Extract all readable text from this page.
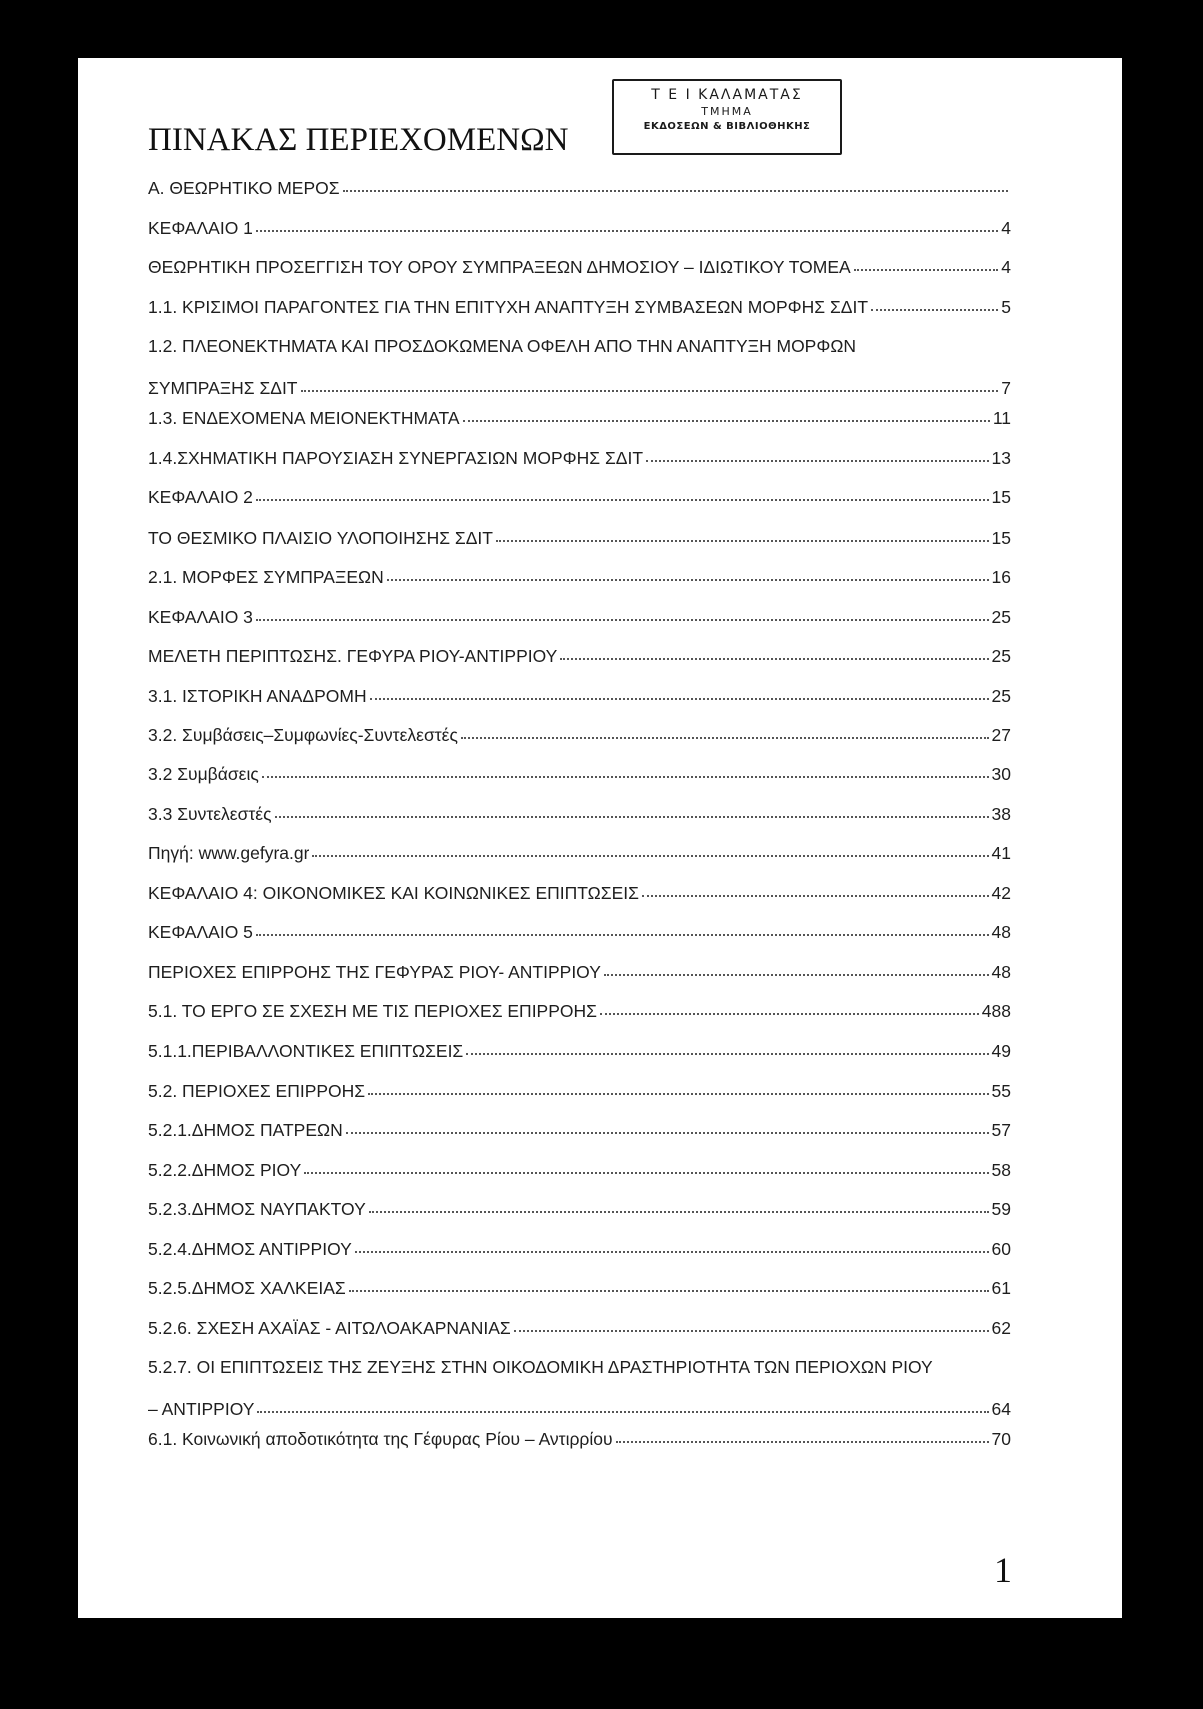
ΠΙΝΑΚΑΣ ΠΕΡΙΕΧΟΜΕΝΩΝ
Τ Ε Ι ΚΑΛΑΜΑΤΑΣ
ΤΜΗΜΑ
ΕΚΔΟΣΕΩΝ & ΒΙΒΛΙΟΘΗΚΗΣ
Α. ΘΕΩΡΗΤΙΚΟ ΜΕΡΟΣ
ΚΕΦΑΛΑΙΟ 1	4
ΘΕΩΡΗΤΙΚΗ ΠΡΟΣΕΓΓΙΣΗ ΤΟΥ ΟΡΟΥ ΣΥΜΠΡΑΞΕΩΝ ΔΗΜΟΣΙΟΥ – ΙΔΙΩΤΙΚΟΥ ΤΟΜΕΑ	4
1.1. ΚΡΙΣΙΜΟΙ ΠΑΡΑΓΟΝΤΕΣ ΓΙΑ ΤΗΝ ΕΠΙΤΥΧΗ ΑΝΑΠΤΥΞΗ ΣΥΜΒΑΣΕΩΝ ΜΟΡΦΗΣ ΣΔΙΤ	5
1.2. ΠΛΕΟΝΕΚΤΗΜΑΤΑ ΚΑΙ ΠΡΟΣΔΟΚΩΜΕΝΑ ΟΦΕΛΗ ΑΠΟ ΤΗΝ ΑΝΑΠΤΥΞΗ ΜΟΡΦΩΝ
ΣΥΜΠΡΑΞΗΣ ΣΔΙΤ	7
1.3. ΕΝΔΕΧΟΜΕΝΑ ΜΕΙΟΝΕΚΤΗΜΑΤΑ	11
1.4.ΣΧΗΜΑΤΙΚΗ ΠΑΡΟΥΣΙΑΣΗ ΣΥΝΕΡΓΑΣΙΩΝ ΜΟΡΦΗΣ ΣΔΙΤ	13
ΚΕΦΑΛΑΙΟ 2	15
ΤΟ ΘΕΣΜΙΚΟ ΠΛΑΙΣΙΟ ΥΛΟΠΟΙΗΣΗΣ ΣΔΙΤ	15
2.1. ΜΟΡΦΕΣ ΣΥΜΠΡΑΞΕΩΝ	16
ΚΕΦΑΛΑΙΟ 3	25
ΜΕΛΕΤΗ ΠΕΡΙΠΤΩΣΗΣ. ΓΕΦΥΡΑ ΡΙΟΥ-ΑΝΤΙΡΡΙΟΥ	25
3.1. ΙΣΤΟΡΙΚΗ ΑΝΑΔΡΟΜΗ	25
3.2. Συμβάσεις–Συμφωνίες-Συντελεστές	27
3.2 Συμβάσεις	30
3.3 Συντελεστές	38
Πηγή: www.gefyra.gr	41
ΚΕΦΑΛΑΙΟ 4: ΟΙΚΟΝΟΜΙΚΕΣ ΚΑΙ ΚΟΙΝΩΝΙΚΕΣ ΕΠΙΠΤΩΣΕΙΣ	42
ΚΕΦΑΛΑΙΟ 5	48
ΠΕΡΙΟΧΕΣ ΕΠΙΡΡΟΗΣ ΤΗΣ ΓΕΦΥΡΑΣ ΡΙΟΥ- ΑΝΤΙΡΡΙΟΥ	48
5.1. ΤΟ ΕΡΓΟ ΣΕ ΣΧΕΣΗ ΜΕ ΤΙΣ ΠΕΡΙΟΧΕΣ ΕΠΙΡΡΟΗΣ	488
5.1.1.ΠΕΡΙΒΑΛΛΟΝΤΙΚΕΣ ΕΠΙΠΤΩΣΕΙΣ	49
5.2. ΠΕΡΙΟΧΕΣ ΕΠΙΡΡΟΗΣ	55
5.2.1.ΔΗΜΟΣ ΠΑΤΡΕΩΝ	57
5.2.2.ΔΗΜΟΣ ΡΙΟΥ	58
5.2.3.ΔΗΜΟΣ ΝΑΥΠΑΚΤΟΥ	59
5.2.4.ΔΗΜΟΣ ΑΝΤΙΡΡΙΟΥ	60
5.2.5.ΔΗΜΟΣ ΧΑΛΚΕΙΑΣ	61
5.2.6. ΣΧΕΣΗ ΑΧΑΪΑΣ - ΑΙΤΩΛΟΑΚΑΡΝΑΝΙΑΣ	62
5.2.7. ΟΙ ΕΠΙΠΤΩΣΕΙΣ ΤΗΣ ΖΕΥΞΗΣ ΣΤΗΝ ΟΙΚΟΔΟΜΙΚΗ ΔΡΑΣΤΗΡΙΟΤΗΤΑ ΤΩΝ ΠΕΡΙΟΧΩΝ ΡΙΟΥ
– ΑΝΤΙΡΡΙΟΥ	64
6.1. Κοινωνική αποδοτικότητα της Γέφυρας Ρίου – Αντιρρίου	70
1
